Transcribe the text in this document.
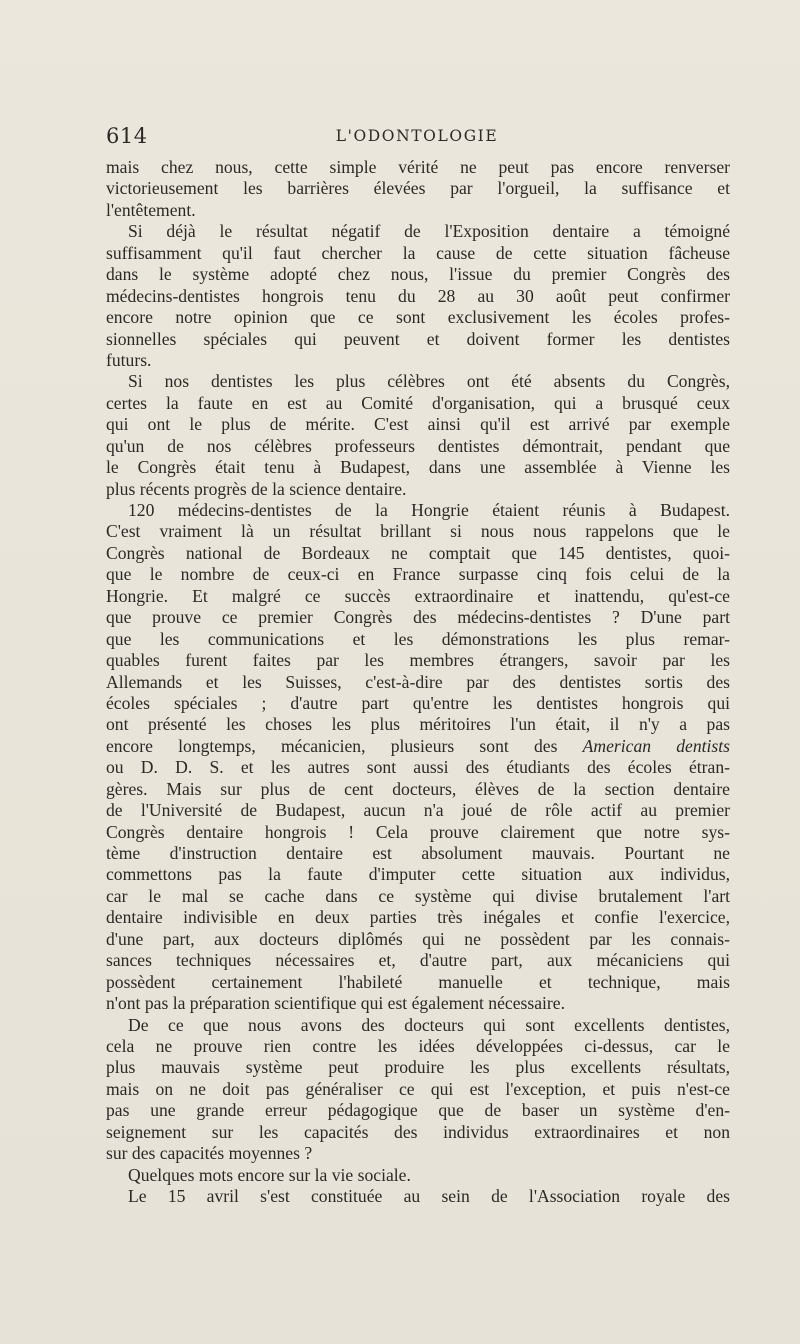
614	L'ODONTOLOGIE
mais chez nous, cette simple vérité ne peut pas encore renverser
victorieusement les barrières élevées par l'orgueil, la suffisance et
l'entêtement.
Si déjà le résultat négatif de l'Exposition dentaire a témoigné
suffisamment qu'il faut chercher la cause de cette situation fâcheuse
dans le système adopté chez nous, l'issue du premier Congrès des
médecins-dentistes hongrois tenu du 28 au 30 août peut confirmer
encore notre opinion que ce sont exclusivement les écoles profes-
sionnelles spéciales qui peuvent et doivent former les dentistes
futurs.
Si nos dentistes les plus célèbres ont été absents du Congrès,
certes la faute en est au Comité d'organisation, qui a brusqué ceux
qui ont le plus de mérite. C'est ainsi qu'il est arrivé par exemple
qu'un de nos célèbres professeurs dentistes démontrait, pendant que
le Congrès était tenu à Budapest, dans une assemblée à Vienne les
plus récents progrès de la science dentaire.
120 médecins-dentistes de la Hongrie étaient réunis à Budapest.
C'est vraiment là un résultat brillant si nous nous rappelons que le
Congrès national de Bordeaux ne comptait que 145 dentistes, quoi-
que le nombre de ceux-ci en France surpasse cinq fois celui de la
Hongrie. Et malgré ce succès extraordinaire et inattendu, qu'est-ce
que prouve ce premier Congrès des médecins-dentistes ? D'une part
que les communications et les démonstrations les plus remar-
quables furent faites par les membres étrangers, savoir par les
Allemands et les Suisses, c'est-à-dire par des dentistes sortis des
écoles spéciales ; d'autre part qu'entre les dentistes hongrois qui
ont présenté les choses les plus méritoires l'un était, il n'y a pas
encore longtemps, mécanicien, plusieurs sont des American dentists
ou D. D. S. et les autres sont aussi des étudiants des écoles étran-
gères. Mais sur plus de cent docteurs, élèves de la section dentaire
de l'Université de Budapest, aucun n'a joué de rôle actif au premier
Congrès dentaire hongrois ! Cela prouve clairement que notre sys-
tème d'instruction dentaire est absolument mauvais. Pourtant ne
commettons pas la faute d'imputer cette situation aux individus,
car le mal se cache dans ce système qui divise brutalement l'art
dentaire indivisible en deux parties très inégales et confie l'exercice,
d'une part, aux docteurs diplômés qui ne possèdent par les connais-
sances techniques nécessaires et, d'autre part, aux mécaniciens qui
possèdent certainement l'habileté manuelle et technique, mais
n'ont pas la préparation scientifique qui est également nécessaire.
De ce que nous avons des docteurs qui sont excellents dentistes,
cela ne prouve rien contre les idées développées ci-dessus, car le
plus mauvais système peut produire les plus excellents résultats,
mais on ne doit pas généraliser ce qui est l'exception, et puis n'est-ce
pas une grande erreur pédagogique que de baser un système d'en-
seignement sur les capacités des individus extraordinaires et non
sur des capacités moyennes ?
Quelques mots encore sur la vie sociale.
Le 15 avril s'est constituée au sein de l'Association royale des
